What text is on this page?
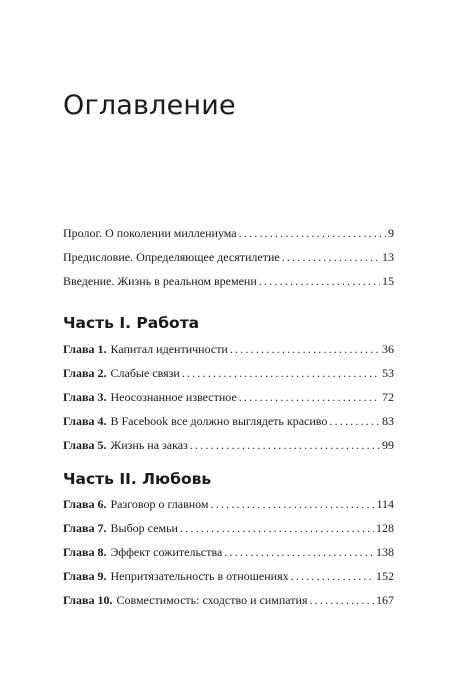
Оглавление
Пролог. О поколении миллениума .....	9
Предисловие. Определяющее десятилетие .....	13
Введение. Жизнь в реальном времени .....	15
Часть I. Работа
Глава 1. Капитал идентичности .....	36
Глава 2. Слабые связи .....	53
Глава 3. Неосознанное известное .....	72
Глава 4. В Facebook все должно выглядеть красиво .....	83
Глава 5. Жизнь на заказ .....	99
Часть II. Любовь
Глава 6. Разговор о главном .....	114
Глава 7. Выбор семьи .....	128
Глава 8. Эффект сожительства .....	138
Глава 9. Непритязательность в отношениях .....	152
Глава 10. Совместимость: сходство и симпатия .....	167
